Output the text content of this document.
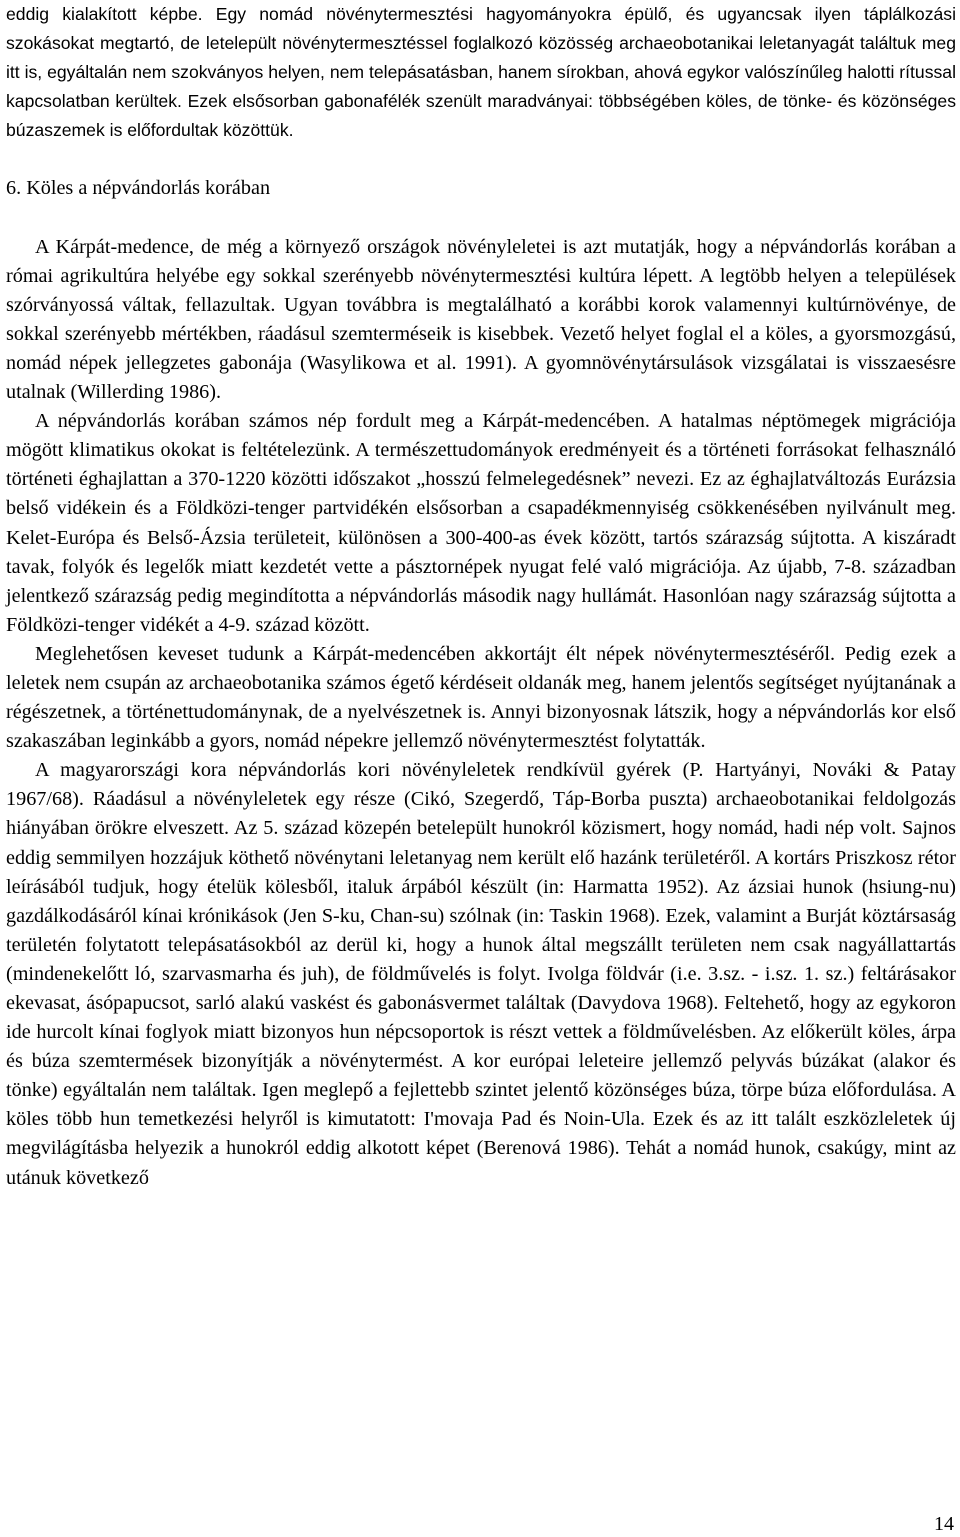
eddig kialakított képbe. Egy nomád növénytermesztési hagyományokra épülő, és ugyancsak ilyen táplálkozási szokásokat megtartó, de letelepült növénytermesztéssel foglalkozó közösség archaeobotanikai leletanyagát találtuk meg itt is, egyáltalán nem szokványos helyen, nem telepásatásban, hanem sírokban, ahová egykor valószínűleg halotti rítussal kapcsolatban kerültek. Ezek elsősorban gabonafélék szenült maradványai: többségében köles, de tönke- és közönséges búzaszemek is előfordultak közöttük.

6. Köles a népvándorlás korában

A Kárpát-medence, de még a környező országok növényleletei is azt mutatják, hogy a népvándorlás korában a római agrikultúra helyébe egy sokkal szerényebb növénytermesztési kultúra lépett. A legtöbb helyen a települések szórványossá váltak, fellazultak. Ugyan továbbra is megtalálható a korábbi korok valamennyi kultúrnövénye, de sokkal szerényebb mértékben, ráadásul szemterméseik is kisebbek. Vezető helyet foglal el a köles, a gyorsmozgású, nomád népek jellegzetes gabonája (Wasylikowa et al. 1991). A gyomnövénytársulások vizsgálatai is visszaesésre utalnak (Willerding 1986).

A népvándorlás korában számos nép fordult meg a Kárpát-medencében. A hatalmas néptömegek migrációja mögött klimatikus okokat is feltételezünk. A természettudományok eredményeit és a történeti forrásokat felhasználó történeti éghajlattan a 370-1220 közötti időszakot „hosszú felmelegedésnek” nevezi. Ez az éghajlatváltozás Eurázsia belső vidékein és a Földközi-tenger partvidékén elsősorban a csapadékmennyiség csökkenésében nyilvánult meg. Kelet-Európa és Belső-Ázsia területeit, különösen a 300-400-as évek között, tartós szárazság sújtotta. A kiszáradt tavak, folyók és legelők miatt kezdetét vette a pásztornépek nyugat felé való migrációja. Az újabb, 7-8. században jelentkező szárazság pedig megindította a népvándorlás második nagy hullámát. Hasonlóan nagy szárazság sújtotta a Földközi-tenger vidékét a 4-9. század között.

Meglehetősen keveset tudunk a Kárpát-medencében akkortájt élt népek növénytermesztéséről. Pedig ezek a leletek nem csupán az archaeobotanika számos égető kérdéseit oldanák meg, hanem jelentős segítséget nyújtanának a régészetnek, a történettudománynak, de a nyelvészetnek is. Annyi bizonyosnak látszik, hogy a népvándorlás kor első szakaszában leginkább a gyors, nomád népekre jellemző növénytermesztést folytatták.

A magyarországi kora népvándorlás kori növényleletek rendkívül gyérek (P. Hartyányi, Nováki & Patay 1967/68). Ráadásul a növényleletek egy része (Cikó, Szegerdő, Táp-Borba puszta) archaeobotanikai feldolgozás hiányában örökre elveszett. Az 5. század közepén betelepült hunokról közismert, hogy nomád, hadi nép volt. Sajnos eddig semmilyen hozzájuk köthető növénytani leletanyag nem került elő hazánk területéről. A kortárs Priszkosz rétor leírásából tudjuk, hogy ételük kölesből, italuk árpából készült (in: Harmatta 1952). Az ázsiai hunok (hsiung-nu) gazdálkodásáról kínai krónikások (Jen S-ku, Chan-su) szólnak (in: Taskin 1968). Ezek, valamint a Burját köztársaság területén folytatott telepásatásokból az derül ki, hogy a hunok által megszállt területen nem csak nagyállattartás (mindenekelőtt ló, szarvasmarha és juh), de földművelés is folyt. Ivolga földvár (i.e. 3.sz. - i.sz. 1. sz.) feltárásakor ekevasat, ásópapucsot, sarló alakú vaskést és gabonásvermet találtak (Davydova 1968). Feltehető, hogy az egykoron ide hurcolt kínai foglyok miatt bizonyos hun népcsoportok is részt vettek a földművelésben. Az előkerült köles, árpa és búza szemtermések bizonyítják a növénytermést. A kor európai leleteire jellemző pelyvás búzákat (alakor és tönke) egyáltalán nem találtak. Igen meglepő a fejlettebb szintet jelentő közönséges búza, törpe búza előfordulása. A köles több hun temetkezési helyről is kimutatott: I'movaja Pad és Noin-Ula. Ezek és az itt talált eszközleletek új megvilágításba helyezik a hunokról eddig alkotott képet (Berenová 1986). Tehát a nomád hunok, csakúgy, mint az utánuk következő

14
